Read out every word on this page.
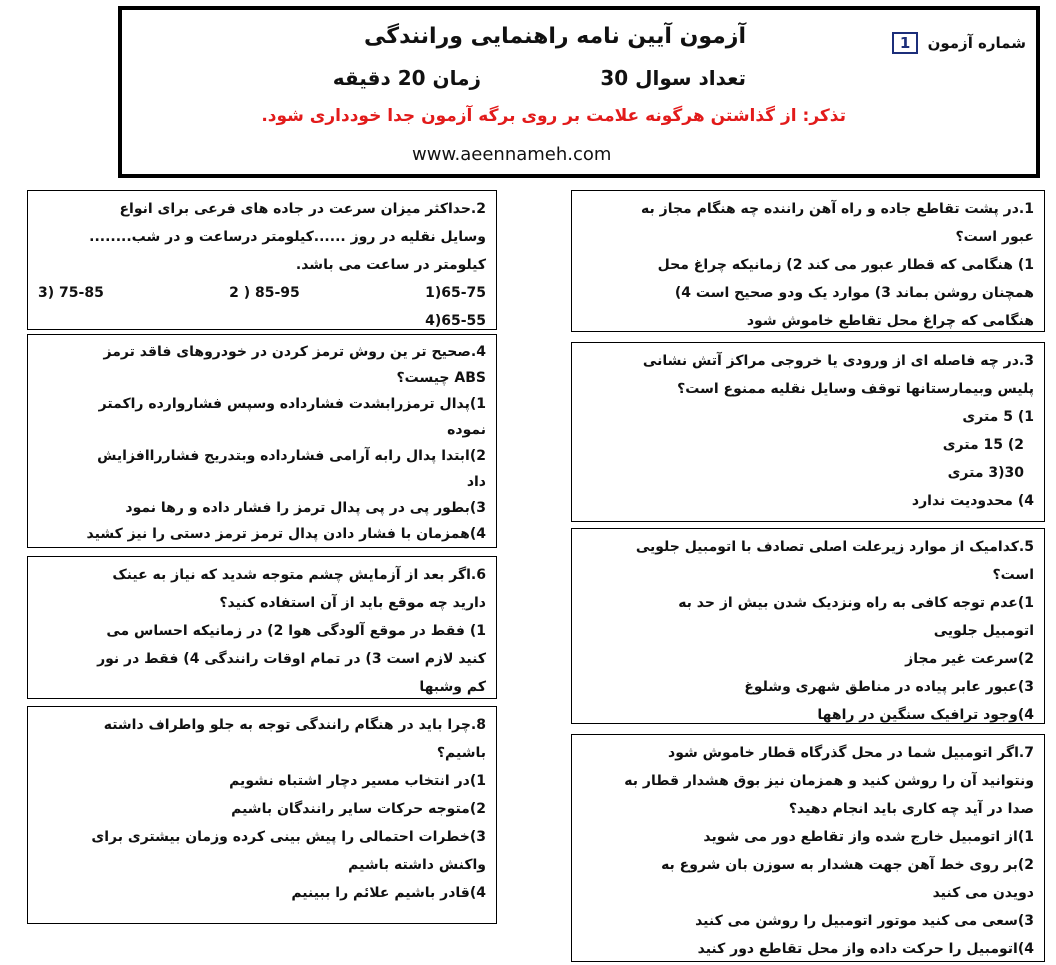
شماره آزمون 1
آزمون آیین نامه راهنمایی ورانندگی
تعداد سوال 30
زمان 20 دقیقه
تذکر: از گذاشتن هرگونه علامت بر روی برگه آزمون جدا خودداری شود.
www.aeennameh.com

1.در پشت تقاطع جاده و راه آهن راننده چه هنگام مجاز به

عبور است؟

1) هنگامی که قطار عبور می کند 2) زمانیکه چراغ محل

همچنان روشن بماند 3) موارد یک ودو صحیح است 4)

هنگامی که چراغ محل تقاطع خاموش شود

2.حداکثر میزان سرعت در جاده های فرعی برای انواع

وسایل نقلیه در روز ......کیلومتر درساعت و در شب........

کیلومتر در ساعت می باشد.

65-75(1
85-95 ( 2
75-85 (3

65-55(4

3.در چه فاصله ای از ورودی یا خروجی مراکز آتش نشانی

پلیس وبیمارستانها توقف وسایل نقلیه ممنوع است؟

1) 5 متری

2) 15 متری

30(3 متری

4) محدودیت ندارد

4.صحیح تر ین روش ترمز کردن در خودروهای فاقد ترمز

ABS چیست؟

1)پدال ترمزرابشدت فشارداده وسپس فشارواردە راکمتر

نموده

2)ابتدا پدال رابه آرامی فشارداده وبتدریج فشارراافزایش

داد

3)بطور پی در پی پدال ترمز را فشار داده و رها نمود

4)همزمان با فشار دادن پدال ترمز ترمز دستی را نیز کشید

5.کدامیک از موارد زیرعلت اصلی تصادف با اتومبیل جلویی

است؟

1)عدم توجه کافی به راه ونزدیک شدن بیش از حد به

اتومبیل جلویی

2)سرعت غیر مجاز

3)عبور عابر پیاده در مناطق شهری وشلوغ

4)وجود ترافیک سنگین در راهها

6.اگر بعد از آزمایش چشم متوجه شدید که نیاز به عینک

دارید چه موقع باید از آن استفاده کنید؟

1) فقط در موقع آلودگی هوا 2) در زمانیکه احساس می

کنید لازم است 3) در تمام اوقات رانندگی 4) فقط در نور

کم وشبها

7.اگر اتومبیل شما در محل گذرگاه قطار خاموش شود

ونتوانید آن را روشن کنید و همزمان نیز بوق هشدار قطار به

صدا در آید چه کاری باید انجام دهید؟

1)از اتومبیل خارج شده واز تقاطع دور می شوید

2)بر روی خط آهن جهت هشدار به سوزن بان شروع به

دویدن می کنید

3)سعی می کنید موتور اتومبیل را روشن می کنید

4)اتومبیل را حرکت داده واز محل تقاطع دور کنید

8.چرا باید در هنگام رانندگی توجه به جلو واطراف داشته

باشیم؟

1)در انتخاب مسیر دچار اشتباه نشویم

2)متوجه حرکات سایر رانندگان باشیم

3)خطرات احتمالی را پیش بینی کرده وزمان بیشتری برای

واکنش داشته باشیم

4)قادر باشیم علائم را ببینیم
